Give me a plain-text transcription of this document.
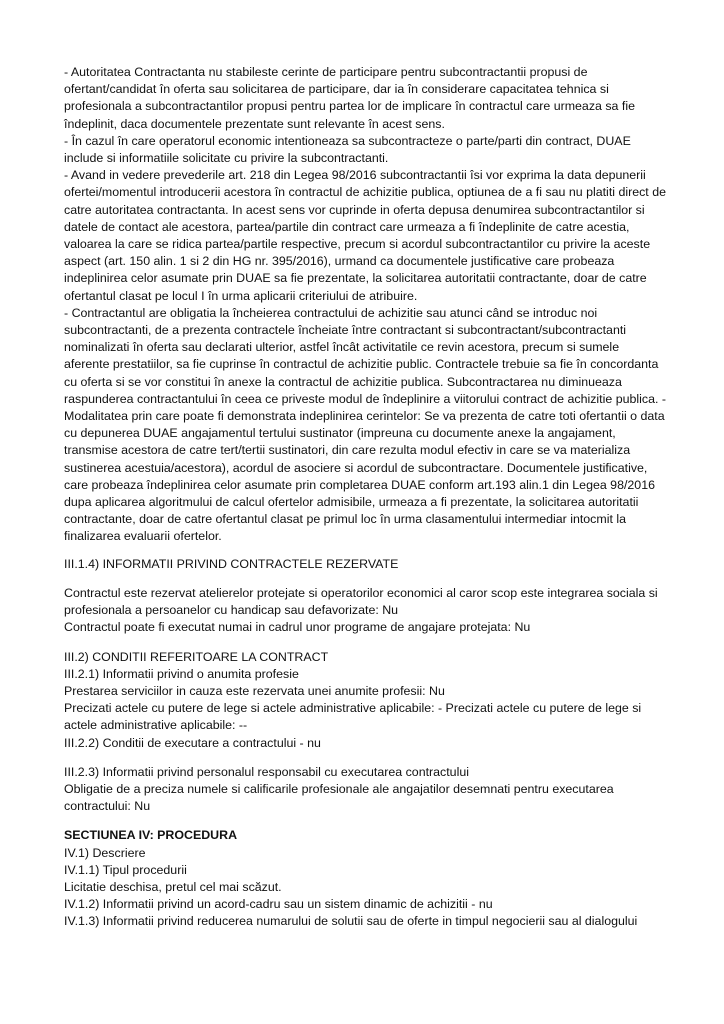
- Autoritatea Contractanta nu stabileste cerinte de participare pentru subcontractantii propusi de ofertant/candidat în oferta sau solicitarea de participare, dar ia în considerare capacitatea tehnica si profesionala a subcontractantilor propusi pentru partea lor de implicare în contractul care urmeaza sa fie îndeplinit, daca documentele prezentate sunt relevante în acest sens.

- În cazul în care operatorul economic intentioneaza sa subcontracteze o parte/parti din contract, DUAE include si informatiile solicitate cu privire la subcontractanti.

- Avand in vedere prevederile art. 218 din Legea 98/2016 subcontractantii îsi vor exprima la data depunerii ofertei/momentul introducerii acestora în contractul de achizitie publica, optiunea de a fi sau nu platiti direct de catre autoritatea contractanta. In acest sens vor cuprinde in oferta depusa denumirea subcontractantilor si datele de contact ale acestora, partea/partile din contract care urmeaza a fi îndeplinite de catre acestia, valoarea la care se ridica partea/partile respective, precum si acordul subcontractantilor cu privire la aceste aspect (art. 150 alin. 1 si 2 din HG nr. 395/2016), urmand ca documentele justificative care probeaza indeplinirea celor asumate prin DUAE sa fie prezentate, la solicitarea autoritatii contractante, doar de catre ofertantul clasat pe locul I în urma aplicarii criteriului de atribuire.

- Contractantul are obligatia la încheierea contractului de achizitie sau atunci când se introduc noi subcontractanti, de a prezenta contractele încheiate între contractant si subcontractant/subcontractanti nominalizati în oferta sau declarati ulterior, astfel încât activitatile ce revin acestora, precum si sumele aferente prestatiilor, sa fie cuprinse în contractul de achizitie public. Contractele trebuie sa fie în concordanta cu oferta si se vor constitui în anexe la contractul de achizitie publica. Subcontractarea nu diminueaza raspunderea contractantului în ceea ce priveste modul de îndeplinire a viitorului contract de achizitie publica. - Modalitatea prin care poate fi demonstrata indeplinirea cerintelor: Se va prezenta de catre toti ofertantii o data cu depunerea DUAE angajamentul tertului sustinator (impreuna cu documente anexe la angajament, transmise acestora de catre tert/tertii sustinatori, din care rezulta modul efectiv in care se va materializa sustinerea acestuia/acestora), acordul de asociere si acordul de subcontractare. Documentele justificative, care probeaza îndeplinirea celor asumate prin completarea DUAE conform art.193 alin.1 din Legea 98/2016 dupa aplicarea algoritmului de calcul ofertelor admisibile, urmeaza a fi prezentate, la solicitarea autoritatii contractante, doar de catre ofertantul clasat pe primul loc în urma clasamentului intermediar intocmit la finalizarea evaluarii ofertelor.

III.1.4) INFORMATII PRIVIND CONTRACTELE REZERVATE

Contractul este rezervat atelierelor protejate si operatorilor economici al caror scop este integrarea sociala si profesionala a persoanelor cu handicap sau defavorizate: Nu

Contractul poate fi executat numai in cadrul unor programe de angajare protejata: Nu

III.2) CONDITII REFERITOARE LA CONTRACT

III.2.1) Informatii privind o anumita profesie

Prestarea serviciilor in cauza este rezervata unei anumite profesii: Nu

Precizati actele cu putere de lege si actele administrative aplicabile: - Precizati actele cu putere de lege si actele administrative aplicabile: --

III.2.2) Conditii de executare a contractului - nu

III.2.3) Informatii privind personalul responsabil cu executarea contractului

Obligatie de a preciza numele si calificarile profesionale ale angajatilor desemnati pentru executarea contractului: Nu

SECTIUNEA IV: PROCEDURA

IV.1) Descriere

IV.1.1) Tipul procedurii

Licitatie deschisa, pretul cel mai scăzut.

IV.1.2) Informatii privind un acord-cadru sau un sistem dinamic de achizitii - nu

IV.1.3) Informatii privind reducerea numarului de solutii sau de oferte in timpul negocierii sau al dialogului
